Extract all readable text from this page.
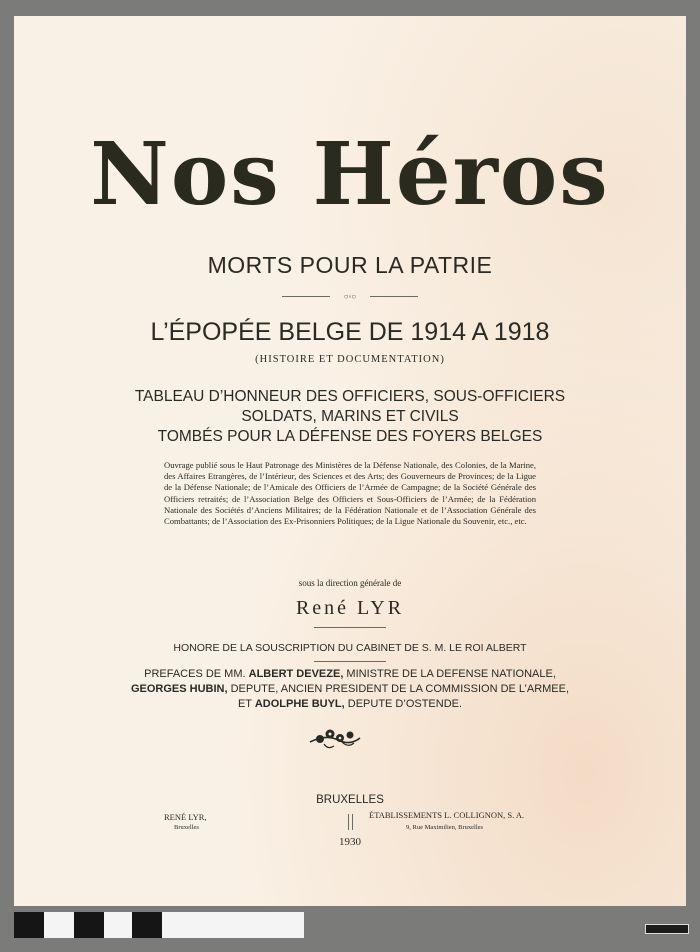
Nos Héros
MORTS POUR LA PATRIE
○◦○
L’ÉPOPÉE BELGE DE 1914 A 1918
(HISTOIRE ET DOCUMENTATION)
TABLEAU D’HONNEUR DES OFFICIERS, SOUS-OFFICIERS
SOLDATS, MARINS ET CIVILS
TOMBÉS POUR LA DÉFENSE DES FOYERS BELGES
Ouvrage publié sous le Haut Patronage des Ministères de la Défense Nationale, des Colonies, de la Marine, des Affaires Etrangères, de l’Intérieur, des Sciences et des Arts; des Gouverneurs de Provinces; de la Ligue de la Défense Nationale; de l’Amicale des Officiers de l’Armée de Campagne; de la Société Générale des Officiers retraités; de l’Association Belge des Officiers et Sous-Officiers de l’Armée; de la Fédération Nationale des Sociétés d’Anciens Militaires; de la Fédération Nationale et de l’Association Générale des Combattants; de l’Association des Ex-Prisonniers Politiques; de la Ligue Nationale du Souvenir, etc., etc.
sous la direction générale de
René LYR
HONORE DE LA SOUSCRIPTION DU CABINET DE S. M. LE ROI ALBERT
PREFACES DE MM. ALBERT DEVEZE, MINISTRE DE LA DEFENSE NATIONALE,
GEORGES HUBIN, DEPUTE, ANCIEN PRESIDENT DE LA COMMISSION DE L’ARMEE,
ET ADOLPHE BUYL, DEPUTE D’OSTENDE.
BRUXELLES
1930
RENÉ LYR,
Bruxelles
ÉTABLISSEMENTS L. COLLIGNON, S. A.
9, Rue Maximilien, Bruxelles
